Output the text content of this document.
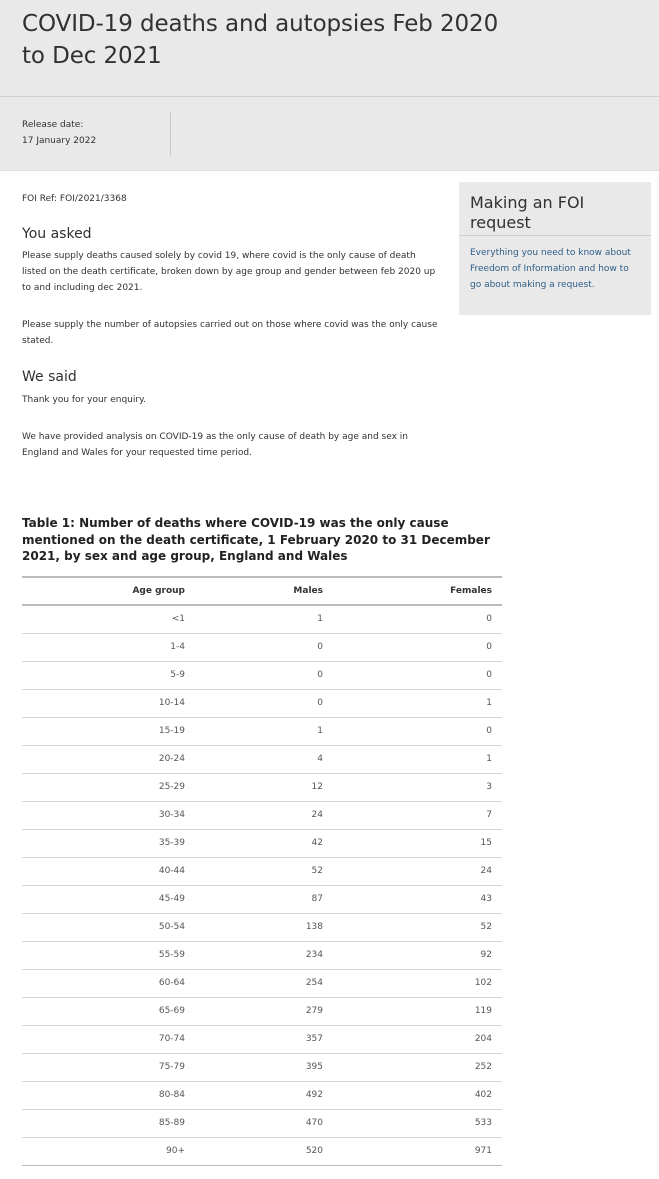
COVID-19 deaths and autopsies Feb 2020 to Dec 2021
Release date:
17 January 2022

FOI Ref: FOI/2021/3368

You asked

Please supply deaths caused solely by covid 19, where covid is the only cause of death listed on the death certificate, broken down by age group and gender between feb 2020 up to and including dec 2021.

Please supply the number of autopsies carried out on those where covid was the only cause stated.

We said

Thank you for your enquiry.

We have provided analysis on COVID-19 as the only cause of death by age and sex in England and Wales for your requested time period.

Making an FOI request
Everything you need to know about Freedom of Information and how to go about making a request.
Table 1: Number of deaths where COVID-19 was the only cause mentioned on the death certificate, 1 February 2020 to 31 December 2021, by sex and age group, England and Wales
Age group	Males	Females
<1	1	0
1-4	0	0
5-9	0	0
10-14	0	1
15-19	1	0
20-24	4	1
25-29	12	3
30-34	24	7
35-39	42	15
40-44	52	24
45-49	87	43
50-54	138	52
55-59	234	92
60-64	254	102
65-69	279	119
70-74	357	204
75-79	395	252
80-84	492	402
85-89	470	533
90+	520	971
